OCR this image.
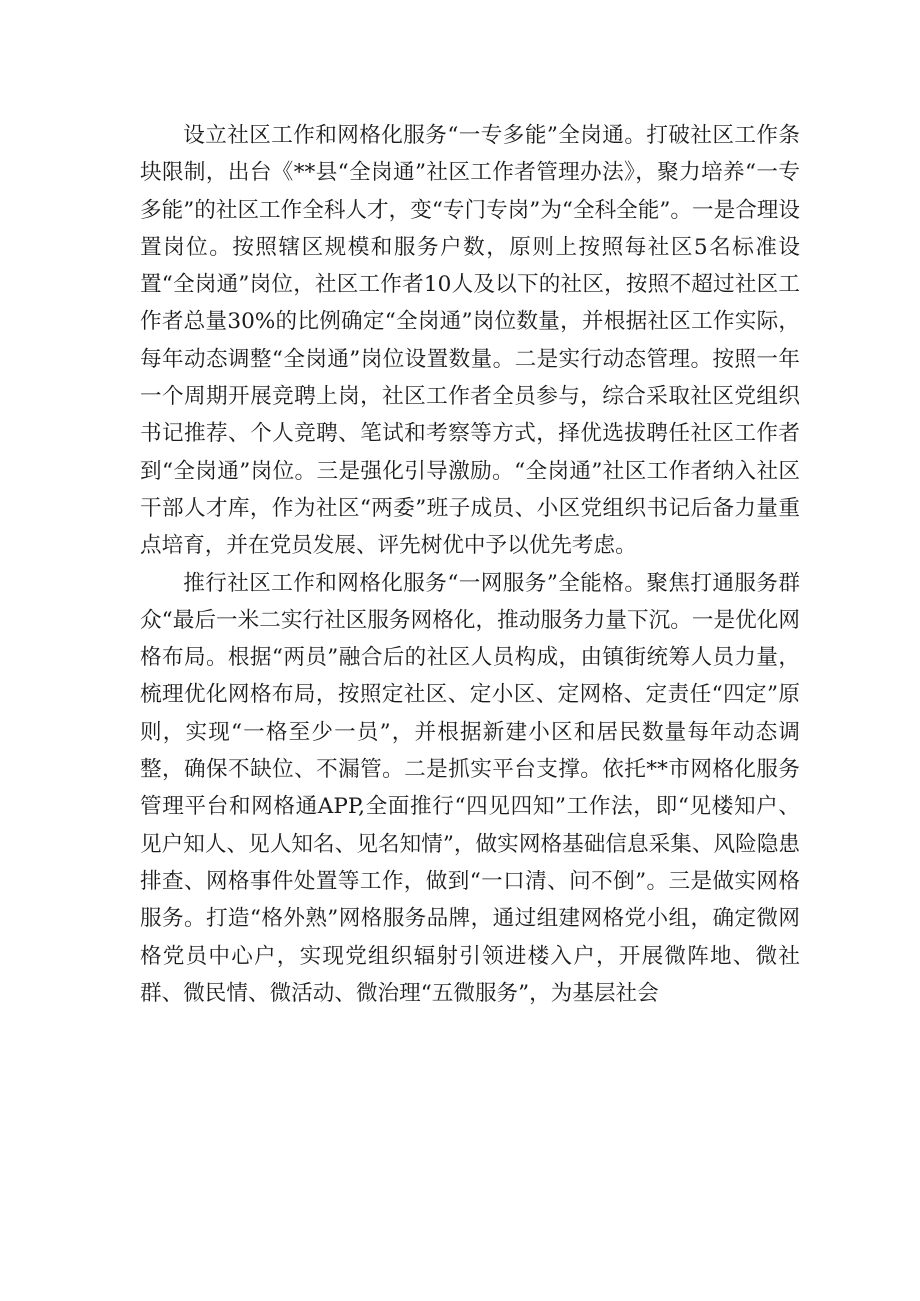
设立社区工作和网格化服务“一专多能”全岗通。打破社区工作条块限制，出台《**县“全岗通”社区工作者管理办法》，聚力培养“一专多能”的社区工作全科人才，变“专门专岗”为“全科全能”。一是合理设置岗位。按照辖区规模和服务户数，原则上按照每社区5名标准设置“全岗通”岗位，社区工作者10人及以下的社区，按照不超过社区工作者总量30%的比例确定“全岗通”岗位数量，并根据社区工作实际，每年动态调整“全岗通”岗位设置数量。二是实行动态管理。按照一年一个周期开展竞聘上岗，社区工作者全员参与，综合采取社区党组织书记推荐、个人竞聘、笔试和考察等方式，择优选拔聘任社区工作者到“全岗通”岗位。三是强化引导激励。“全岗通”社区工作者纳入社区干部人才库，作为社区“两委”班子成员、小区党组织书记后备力量重点培育，并在党员发展、评先树优中予以优先考虑。

推行社区工作和网格化服务“一网服务”全能格。聚焦打通服务群众“最后一米二实行社区服务网格化，推动服务力量下沉。一是优化网格布局。根据“两员”融合后的社区人员构成，由镇街统筹人员力量，梳理优化网格布局，按照定社区、定小区、定网格、定责任“四定”原则，实现“一格至少一员”，并根据新建小区和居民数量每年动态调整，确保不缺位、不漏管。二是抓实平台支撑。依托**市网格化服务管理平台和网格通APP,全面推行“四见四知”工作法，即“见楼知户、见户知人、见人知名、见名知情”，做实网格基础信息采集、风险隐患排查、网格事件处置等工作，做到“一口清、问不倒”。三是做实网格服务。打造“格外熟”网格服务品牌，通过组建网格党小组，确定微网格党员中心户，实现党组织辐射引领进楼入户，开展微阵地、微社群、微民情、微活动、微治理“五微服务”，为基层社会
